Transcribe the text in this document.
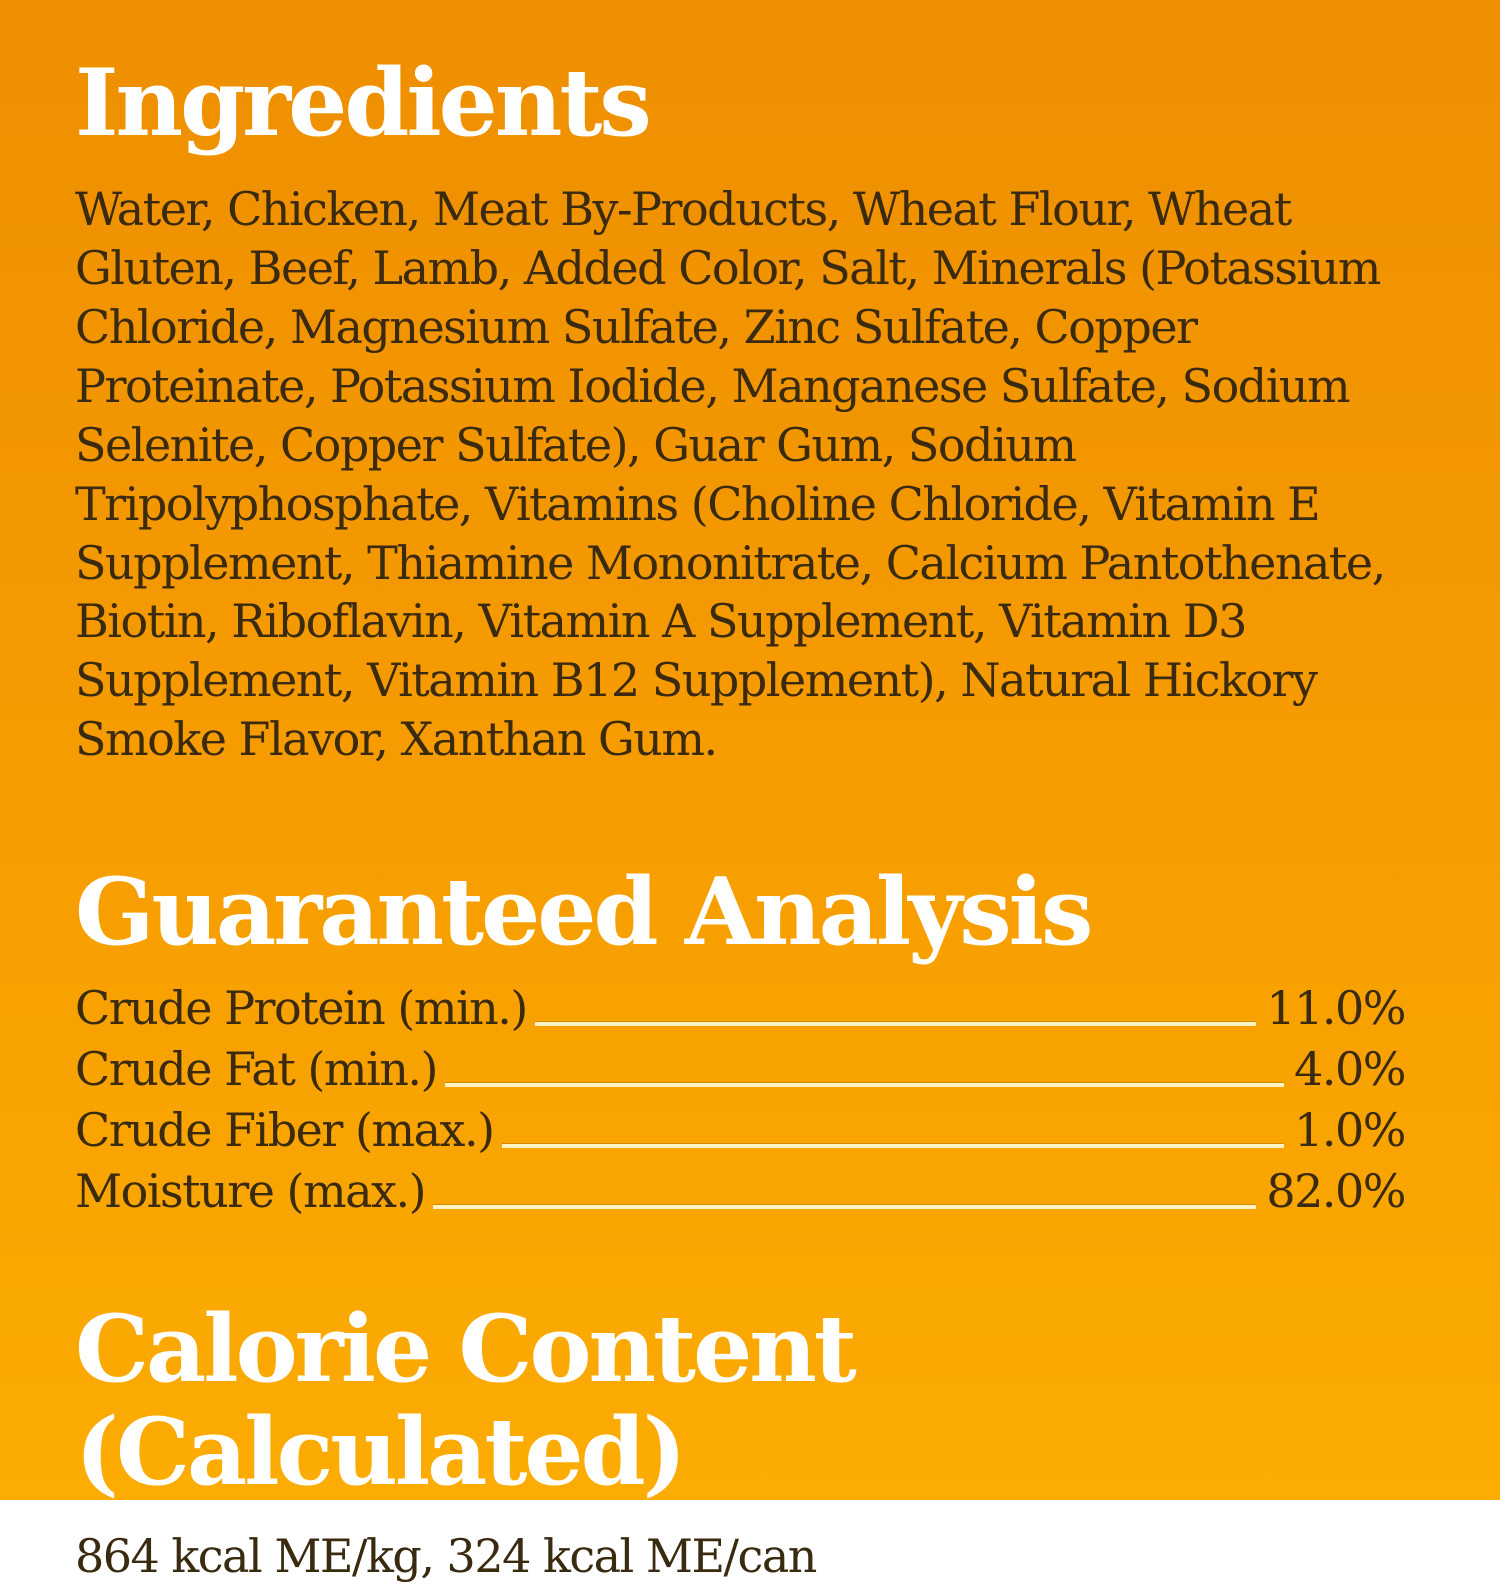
Ingredients

Water, Chicken, Meat By-Products, Wheat Flour, Wheat Gluten, Beef, Lamb, Added Color, Salt, Minerals (Potassium Chloride, Magnesium Sulfate, Zinc Sulfate, Copper Proteinate, Potassium Iodide, Manganese Sulfate, Sodium Selenite, Copper Sulfate), Guar Gum, Sodium Tripolyphosphate, Vitamins (Choline Chloride, Vitamin E Supplement, Thiamine Mononitrate, Calcium Pantothenate, Biotin, Riboflavin, Vitamin A Supplement, Vitamin D3 Supplement, Vitamin B12 Supplement), Natural Hickory Smoke Flavor, Xanthan Gum.

Guaranteed Analysis
Crude Protein (min.)	11.0%
Crude Fat (min.)	4.0%
Crude Fiber (max.)	1.0%
Moisture (max.)	82.0%
Calorie Content (Calculated)

864 kcal ME/kg, 324 kcal ME/can
